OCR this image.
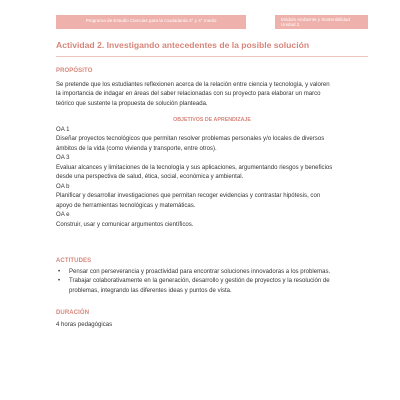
Programa de Estudio Ciencias para la Ciudadanía 3° y 4° medio	Módulo Ambiente y Sostenibilidad
Unidad 2
Actividad 2. Investigando antecedentes de la posible solución
PROPÓSITO
Se pretende que los estudiantes reflexionen acerca de la relación entre ciencia y tecnología, y valoren
la importancia de indagar en áreas del saber relacionadas con su proyecto para elaborar un marco
teórico que sustente la propuesta de solución planteada.
OBJETIVOS DE APRENDIZAJE
OA 1
Diseñar proyectos tecnológicos que permitan resolver problemas personales y/o locales de diversos
ámbitos de la vida (como vivienda y transporte, entre otros).
OA 3
Evaluar alcances y limitaciones de la tecnología y sus aplicaciones, argumentando riesgos y beneficios
desde una perspectiva de salud, ética, social, económica y ambiental.
OA b
Planificar y desarrollar investigaciones que permitan recoger evidencias y contrastar hipótesis, con
apoyo de herramientas tecnológicas y matemáticas.
OA e
Construir, usar y comunicar argumentos científicos.
ACTITUDES
• Pensar con perseverancia y proactividad para encontrar soluciones innovadoras a los problemas.
• Trabajar colaborativamente en la generación, desarrollo y gestión de proyectos y la resolución de
problemas, integrando las diferentes ideas y puntos de vista.
DURACIÓN
4 horas pedagógicas
